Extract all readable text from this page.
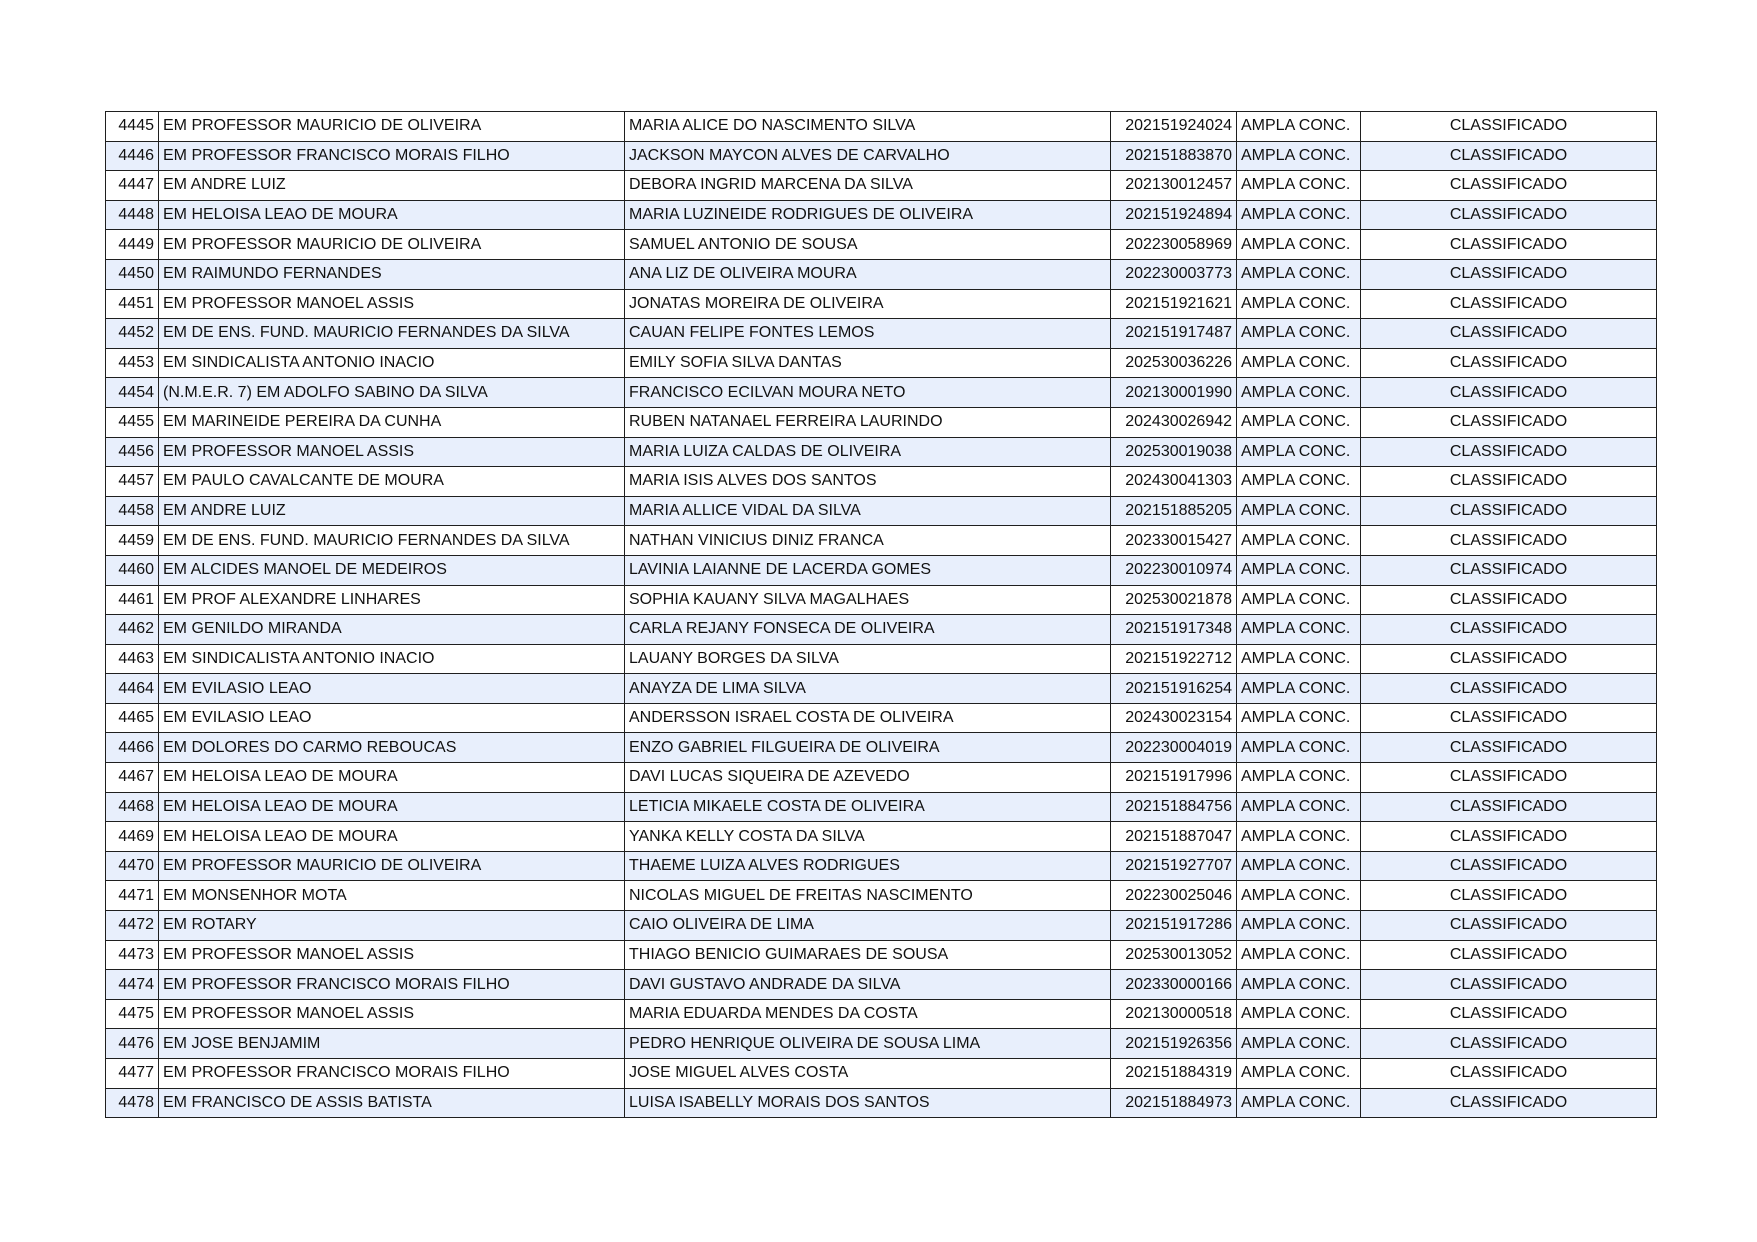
4445	EM PROFESSOR MAURICIO DE OLIVEIRA	MARIA ALICE DO NASCIMENTO SILVA	202151924024	AMPLA CONC.	CLASSIFICADO
4446	EM PROFESSOR FRANCISCO MORAIS FILHO	JACKSON MAYCON ALVES DE CARVALHO	202151883870	AMPLA CONC.	CLASSIFICADO
4447	EM ANDRE LUIZ	DEBORA INGRID MARCENA DA SILVA	202130012457	AMPLA CONC.	CLASSIFICADO
4448	EM HELOISA LEAO DE MOURA	MARIA LUZINEIDE RODRIGUES DE OLIVEIRA	202151924894	AMPLA CONC.	CLASSIFICADO
4449	EM PROFESSOR MAURICIO DE OLIVEIRA	SAMUEL ANTONIO DE SOUSA	202230058969	AMPLA CONC.	CLASSIFICADO
4450	EM RAIMUNDO FERNANDES	ANA LIZ DE OLIVEIRA MOURA	202230003773	AMPLA CONC.	CLASSIFICADO
4451	EM PROFESSOR MANOEL ASSIS	JONATAS MOREIRA DE OLIVEIRA	202151921621	AMPLA CONC.	CLASSIFICADO
4452	EM DE ENS. FUND. MAURICIO FERNANDES DA SILVA	CAUAN FELIPE FONTES LEMOS	202151917487	AMPLA CONC.	CLASSIFICADO
4453	EM SINDICALISTA ANTONIO INACIO	EMILY SOFIA SILVA DANTAS	202530036226	AMPLA CONC.	CLASSIFICADO
4454	(N.M.E.R. 7) EM ADOLFO SABINO DA SILVA	FRANCISCO ECILVAN MOURA NETO	202130001990	AMPLA CONC.	CLASSIFICADO
4455	EM MARINEIDE PEREIRA DA CUNHA	RUBEN NATANAEL FERREIRA LAURINDO	202430026942	AMPLA CONC.	CLASSIFICADO
4456	EM PROFESSOR MANOEL ASSIS	MARIA LUIZA CALDAS DE OLIVEIRA	202530019038	AMPLA CONC.	CLASSIFICADO
4457	EM PAULO CAVALCANTE DE MOURA	MARIA ISIS ALVES DOS SANTOS	202430041303	AMPLA CONC.	CLASSIFICADO
4458	EM ANDRE LUIZ	MARIA ALLICE VIDAL DA SILVA	202151885205	AMPLA CONC.	CLASSIFICADO
4459	EM DE ENS. FUND. MAURICIO FERNANDES DA SILVA	NATHAN VINICIUS DINIZ FRANCA	202330015427	AMPLA CONC.	CLASSIFICADO
4460	EM ALCIDES MANOEL DE MEDEIROS	LAVINIA LAIANNE DE LACERDA GOMES	202230010974	AMPLA CONC.	CLASSIFICADO
4461	EM PROF ALEXANDRE LINHARES	SOPHIA KAUANY SILVA MAGALHAES	202530021878	AMPLA CONC.	CLASSIFICADO
4462	EM GENILDO MIRANDA	CARLA REJANY FONSECA DE OLIVEIRA	202151917348	AMPLA CONC.	CLASSIFICADO
4463	EM SINDICALISTA ANTONIO INACIO	LAUANY BORGES DA SILVA	202151922712	AMPLA CONC.	CLASSIFICADO
4464	EM EVILASIO LEAO	ANAYZA DE LIMA SILVA	202151916254	AMPLA CONC.	CLASSIFICADO
4465	EM EVILASIO LEAO	ANDERSSON ISRAEL COSTA DE OLIVEIRA	202430023154	AMPLA CONC.	CLASSIFICADO
4466	EM DOLORES DO CARMO REBOUCAS	ENZO GABRIEL FILGUEIRA DE OLIVEIRA	202230004019	AMPLA CONC.	CLASSIFICADO
4467	EM HELOISA LEAO DE MOURA	DAVI LUCAS SIQUEIRA DE AZEVEDO	202151917996	AMPLA CONC.	CLASSIFICADO
4468	EM HELOISA LEAO DE MOURA	LETICIA MIKAELE COSTA DE OLIVEIRA	202151884756	AMPLA CONC.	CLASSIFICADO
4469	EM HELOISA LEAO DE MOURA	YANKA KELLY COSTA DA SILVA	202151887047	AMPLA CONC.	CLASSIFICADO
4470	EM PROFESSOR MAURICIO DE OLIVEIRA	THAEME LUIZA ALVES RODRIGUES	202151927707	AMPLA CONC.	CLASSIFICADO
4471	EM MONSENHOR MOTA	NICOLAS MIGUEL DE FREITAS NASCIMENTO	202230025046	AMPLA CONC.	CLASSIFICADO
4472	EM ROTARY	CAIO OLIVEIRA DE LIMA	202151917286	AMPLA CONC.	CLASSIFICADO
4473	EM PROFESSOR MANOEL ASSIS	THIAGO BENICIO GUIMARAES DE SOUSA	202530013052	AMPLA CONC.	CLASSIFICADO
4474	EM PROFESSOR FRANCISCO MORAIS FILHO	DAVI GUSTAVO ANDRADE DA SILVA	202330000166	AMPLA CONC.	CLASSIFICADO
4475	EM PROFESSOR MANOEL ASSIS	MARIA EDUARDA MENDES DA COSTA	202130000518	AMPLA CONC.	CLASSIFICADO
4476	EM JOSE BENJAMIM	PEDRO HENRIQUE OLIVEIRA DE SOUSA LIMA	202151926356	AMPLA CONC.	CLASSIFICADO
4477	EM PROFESSOR FRANCISCO MORAIS FILHO	JOSE MIGUEL ALVES COSTA	202151884319	AMPLA CONC.	CLASSIFICADO
4478	EM FRANCISCO DE ASSIS BATISTA	LUISA ISABELLY MORAIS DOS SANTOS	202151884973	AMPLA CONC.	CLASSIFICADO
